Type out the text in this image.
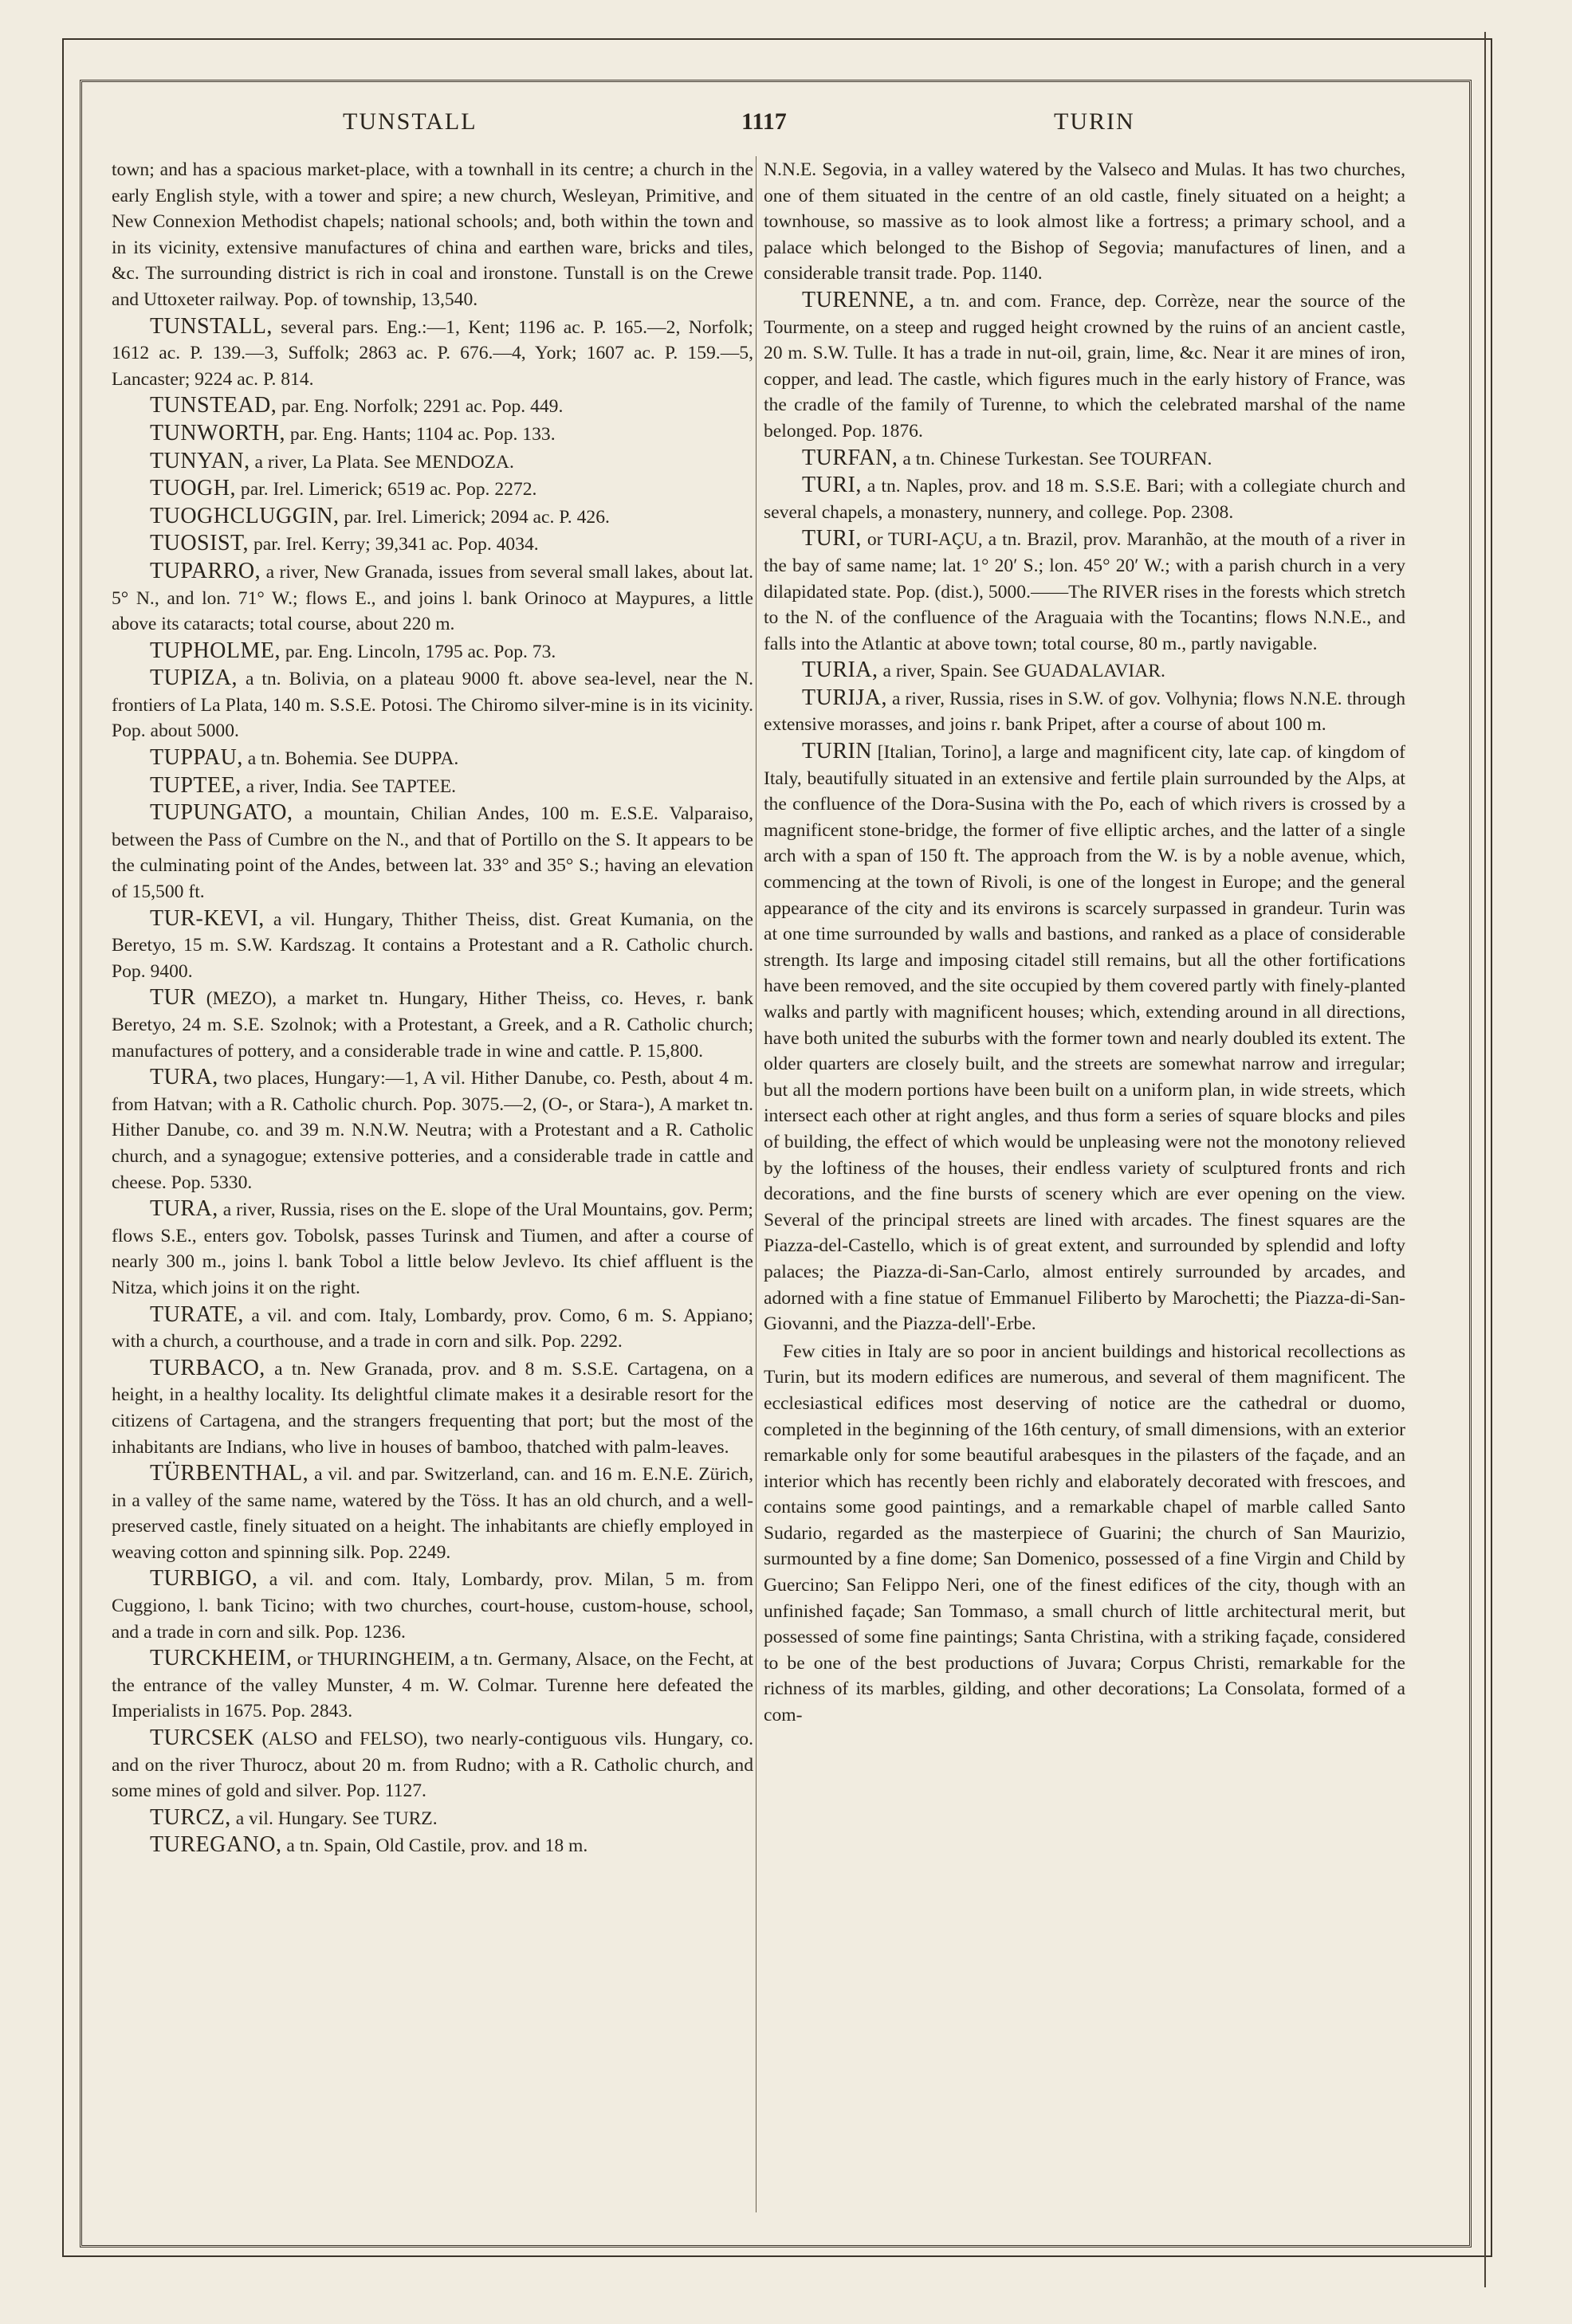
TUNSTALL	1117	TURIN

town; and has a spacious market-place, with a townhall in its centre; a church in the early English style, with a tower and spire; a new church, Wesleyan, Primitive, and New Connexion Methodist chapels; national schools; and, both within the town and in its vicinity, extensive manufactures of china and earthen ware, bricks and tiles, &c. The surrounding district is rich in coal and ironstone. Tunstall is on the Crewe and Uttoxeter railway. Pop. of township, 13,540.

TUNSTALL, several pars. Eng.:—1, Kent; 1196 ac. P. 165.—2, Norfolk; 1612 ac. P. 139.—3, Suffolk; 2863 ac. P. 676.—4, York; 1607 ac. P. 159.—5, Lancaster; 9224 ac. P. 814.

TUNSTEAD, par. Eng. Norfolk; 2291 ac. Pop. 449.

TUNWORTH, par. Eng. Hants; 1104 ac. Pop. 133.

TUNYAN, a river, La Plata. See MENDOZA.

TUOGH, par. Irel. Limerick; 6519 ac. Pop. 2272.

TUOGHCLUGGIN, par. Irel. Limerick; 2094 ac. P. 426.

TUOSIST, par. Irel. Kerry; 39,341 ac. Pop. 4034.

TUPARRO, a river, New Granada, issues from several small lakes, about lat. 5° N., and lon. 71° W.; flows E., and joins l. bank Orinoco at Maypures, a little above its cataracts; total course, about 220 m.

TUPHOLME, par. Eng. Lincoln, 1795 ac. Pop. 73.

TUPIZA, a tn. Bolivia, on a plateau 9000 ft. above sea-level, near the N. frontiers of La Plata, 140 m. S.S.E. Potosi. The Chiromo silver-mine is in its vicinity. Pop. about 5000.

TUPPAU, a tn. Bohemia. See DUPPA.

TUPTEE, a river, India. See TAPTEE.

TUPUNGATO, a mountain, Chilian Andes, 100 m. E.S.E. Valparaiso, between the Pass of Cumbre on the N., and that of Portillo on the S. It appears to be the culminating point of the Andes, between lat. 33° and 35° S.; having an elevation of 15,500 ft.

TUR-KEVI, a vil. Hungary, Thither Theiss, dist. Great Kumania, on the Beretyo, 15 m. S.W. Kardszag. It contains a Protestant and a R. Catholic church. Pop. 9400.

TUR (MEZO), a market tn. Hungary, Hither Theiss, co. Heves, r. bank Beretyo, 24 m. S.E. Szolnok; with a Protestant, a Greek, and a R. Catholic church; manufactures of pottery, and a considerable trade in wine and cattle. P. 15,800.

TURA, two places, Hungary:—1, A vil. Hither Danube, co. Pesth, about 4 m. from Hatvan; with a R. Catholic church. Pop. 3075.—2, (O-, or Stara-), A market tn. Hither Danube, co. and 39 m. N.N.W. Neutra; with a Protestant and a R. Catholic church, and a synagogue; extensive potteries, and a considerable trade in cattle and cheese. Pop. 5330.

TURA, a river, Russia, rises on the E. slope of the Ural Mountains, gov. Perm; flows S.E., enters gov. Tobolsk, passes Turinsk and Tiumen, and after a course of nearly 300 m., joins l. bank Tobol a little below Jevlevo. Its chief affluent is the Nitza, which joins it on the right.

TURATE, a vil. and com. Italy, Lombardy, prov. Como, 6 m. S. Appiano; with a church, a courthouse, and a trade in corn and silk. Pop. 2292.

TURBACO, a tn. New Granada, prov. and 8 m. S.S.E. Cartagena, on a height, in a healthy locality. Its delightful climate makes it a desirable resort for the citizens of Cartagena, and the strangers frequenting that port; but the most of the inhabitants are Indians, who live in houses of bamboo, thatched with palm-leaves.

TÜRBENTHAL, a vil. and par. Switzerland, can. and 16 m. E.N.E. Zürich, in a valley of the same name, watered by the Töss. It has an old church, and a well-preserved castle, finely situated on a height. The inhabitants are chiefly employed in weaving cotton and spinning silk. Pop. 2249.

TURBIGO, a vil. and com. Italy, Lombardy, prov. Milan, 5 m. from Cuggiono, l. bank Ticino; with two churches, court-house, custom-house, school, and a trade in corn and silk. Pop. 1236.

TURCKHEIM, or THURINGHEIM, a tn. Germany, Alsace, on the Fecht, at the entrance of the valley Munster, 4 m. W. Colmar. Turenne here defeated the Imperialists in 1675. Pop. 2843.

TURCSEK (ALSO and FELSO), two nearly-contiguous vils. Hungary, co. and on the river Thurocz, about 20 m. from Rudno; with a R. Catholic church, and some mines of gold and silver. Pop. 1127.

TURCZ, a vil. Hungary. See TURZ.

TUREGANO, a tn. Spain, Old Castile, prov. and 18 m.

N.N.E. Segovia, in a valley watered by the Valseco and Mulas. It has two churches, one of them situated in the centre of an old castle, finely situated on a height; a townhouse, so massive as to look almost like a fortress; a primary school, and a palace which belonged to the Bishop of Segovia; manufactures of linen, and a considerable transit trade. Pop. 1140.

TURENNE, a tn. and com. France, dep. Corrèze, near the source of the Tourmente, on a steep and rugged height crowned by the ruins of an ancient castle, 20 m. S.W. Tulle. It has a trade in nut-oil, grain, lime, &c. Near it are mines of iron, copper, and lead. The castle, which figures much in the early history of France, was the cradle of the family of Turenne, to which the celebrated marshal of the name belonged. Pop. 1876.

TURFAN, a tn. Chinese Turkestan. See TOURFAN.

TURI, a tn. Naples, prov. and 18 m. S.S.E. Bari; with a collegiate church and several chapels, a monastery, nunnery, and college. Pop. 2308.

TURI, or TURI-AÇU, a tn. Brazil, prov. Maranhão, at the mouth of a river in the bay of same name; lat. 1° 20′ S.; lon. 45° 20′ W.; with a parish church in a very dilapidated state. Pop. (dist.), 5000.——The RIVER rises in the forests which stretch to the N. of the confluence of the Araguaia with the Tocantins; flows N.N.E., and falls into the Atlantic at above town; total course, 80 m., partly navigable.

TURIA, a river, Spain. See GUADALAVIAR.

TURIJA, a river, Russia, rises in S.W. of gov. Volhynia; flows N.N.E. through extensive morasses, and joins r. bank Pripet, after a course of about 100 m.

TURIN [Italian, Torino], a large and magnificent city, late cap. of kingdom of Italy, beautifully situated in an extensive and fertile plain surrounded by the Alps, at the confluence of the Dora-Susina with the Po, each of which rivers is crossed by a magnificent stone-bridge, the former of five elliptic arches, and the latter of a single arch with a span of 150 ft. The approach from the W. is by a noble avenue, which, commencing at the town of Rivoli, is one of the longest in Europe; and the general appearance of the city and its environs is scarcely surpassed in grandeur. Turin was at one time surrounded by walls and bastions, and ranked as a place of considerable strength. Its large and imposing citadel still remains, but all the other fortifications have been removed, and the site occupied by them covered partly with finely-planted walks and partly with magnificent houses; which, extending around in all directions, have both united the suburbs with the former town and nearly doubled its extent. The older quarters are closely built, and the streets are somewhat narrow and irregular; but all the modern portions have been built on a uniform plan, in wide streets, which intersect each other at right angles, and thus form a series of square blocks and piles of building, the effect of which would be unpleasing were not the monotony relieved by the loftiness of the houses, their endless variety of sculptured fronts and rich decorations, and the fine bursts of scenery which are ever opening on the view. Several of the principal streets are lined with arcades. The finest squares are the Piazza-del-Castello, which is of great extent, and surrounded by splendid and lofty palaces; the Piazza-di-San-Carlo, almost entirely surrounded by arcades, and adorned with a fine statue of Emmanuel Filiberto by Marochetti; the Piazza-di-San-Giovanni, and the Piazza-dell'-Erbe.

Few cities in Italy are so poor in ancient buildings and historical recollections as Turin, but its modern edifices are numerous, and several of them magnificent. The ecclesiastical edifices most deserving of notice are the cathedral or duomo, completed in the beginning of the 16th century, of small dimensions, with an exterior remarkable only for some beautiful arabesques in the pilasters of the façade, and an interior which has recently been richly and elaborately decorated with frescoes, and contains some good paintings, and a remarkable chapel of marble called Santo Sudario, regarded as the masterpiece of Guarini; the church of San Maurizio, surmounted by a fine dome; San Domenico, possessed of a fine Virgin and Child by Guercino; San Felippo Neri, one of the finest edifices of the city, though with an unfinished façade; San Tommaso, a small church of little architectural merit, but possessed of some fine paintings; Santa Christina, with a striking façade, considered to be one of the best productions of Juvara; Corpus Christi, remarkable for the richness of its marbles, gilding, and other decorations; La Consolata, formed of a com-
